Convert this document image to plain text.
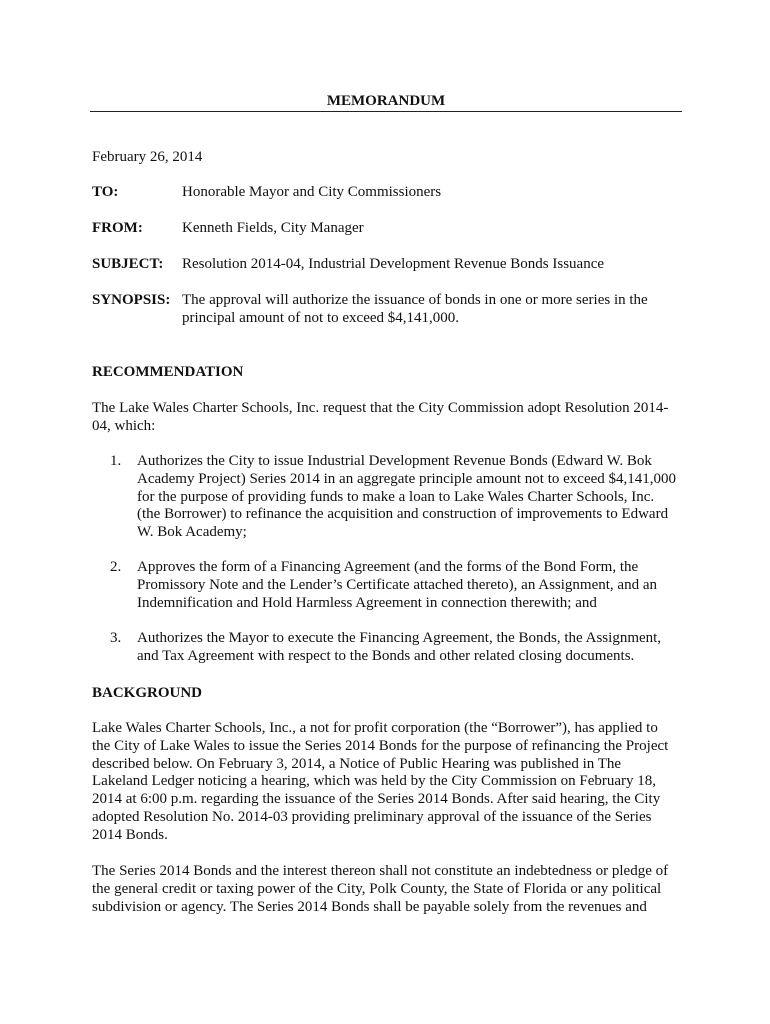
MEMORANDUM
February 26, 2014
TO:	Honorable Mayor and City Commissioners
FROM:	Kenneth Fields, City Manager
SUBJECT: Resolution 2014-04, Industrial Development Revenue Bonds Issuance
SYNOPSIS: The approval will authorize the issuance of bonds in one or more series in the
principal amount of not to exceed $4,141,000.
RECOMMENDATION
The Lake Wales Charter Schools, Inc. request that the City Commission adopt Resolution 2014-
04, which:
1.	Authorizes the City to issue Industrial Development Revenue Bonds (Edward W. Bok
Academy Project) Series 2014 in an aggregate principle amount not to exceed $4,141,000
for the purpose of providing funds to make a loan to Lake Wales Charter Schools, Inc.
(the Borrower) to refinance the acquisition and construction of improvements to Edward
W. Bok Academy;
2.	Approves the form of a Financing Agreement (and the forms of the Bond Form, the
Promissory Note and the Lender’s Certificate attached thereto), an Assignment, and an
Indemnification and Hold Harmless Agreement in connection therewith; and
3.	Authorizes the Mayor to execute the Financing Agreement, the Bonds, the Assignment,
and Tax Agreement with respect to the Bonds and other related closing documents.
BACKGROUND
Lake Wales Charter Schools, Inc., a not for profit corporation (the “Borrower”), has applied to
the City of Lake Wales to issue the Series 2014 Bonds for the purpose of refinancing the Project
described below. On February 3, 2014, a Notice of Public Hearing was published in The
Lakeland Ledger noticing a hearing, which was held by the City Commission on February 18,
2014 at 6:00 p.m. regarding the issuance of the Series 2014 Bonds. After said hearing, the City
adopted Resolution No. 2014-03 providing preliminary approval of the issuance of the Series
2014 Bonds.
The Series 2014 Bonds and the interest thereon shall not constitute an indebtedness or pledge of
the general credit or taxing power of the City, Polk County, the State of Florida or any political
subdivision or agency. The Series 2014 Bonds shall be payable solely from the revenues and
